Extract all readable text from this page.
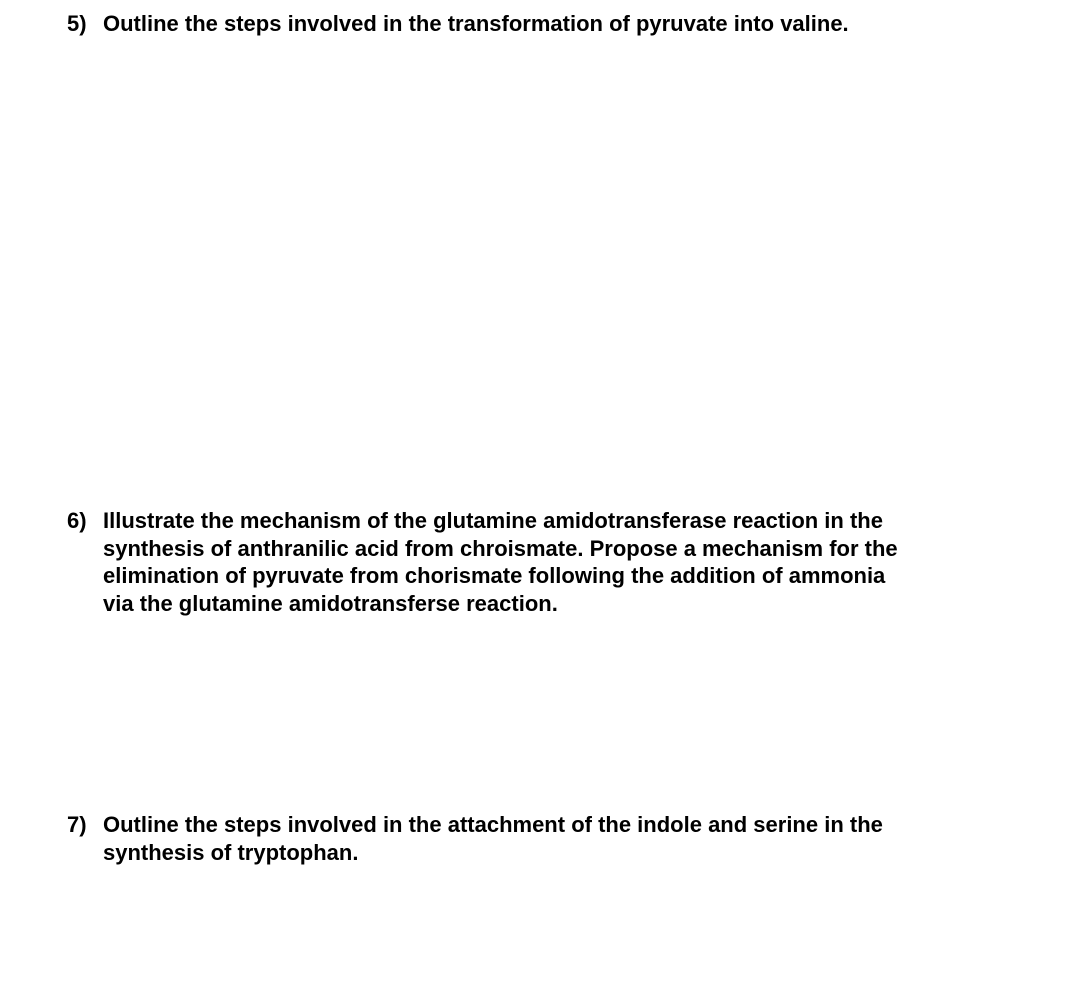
5) Outline the steps involved in the transformation of pyruvate into valine.
6) Illustrate the mechanism of the glutamine amidotransferase reaction in the
synthesis of anthranilic acid from chroismate. Propose a mechanism for the
elimination of pyruvate from chorismate following the addition of ammonia
via the glutamine amidotransferse reaction.
7) Outline the steps involved in the attachment of the indole and serine in the
synthesis of tryptophan.
